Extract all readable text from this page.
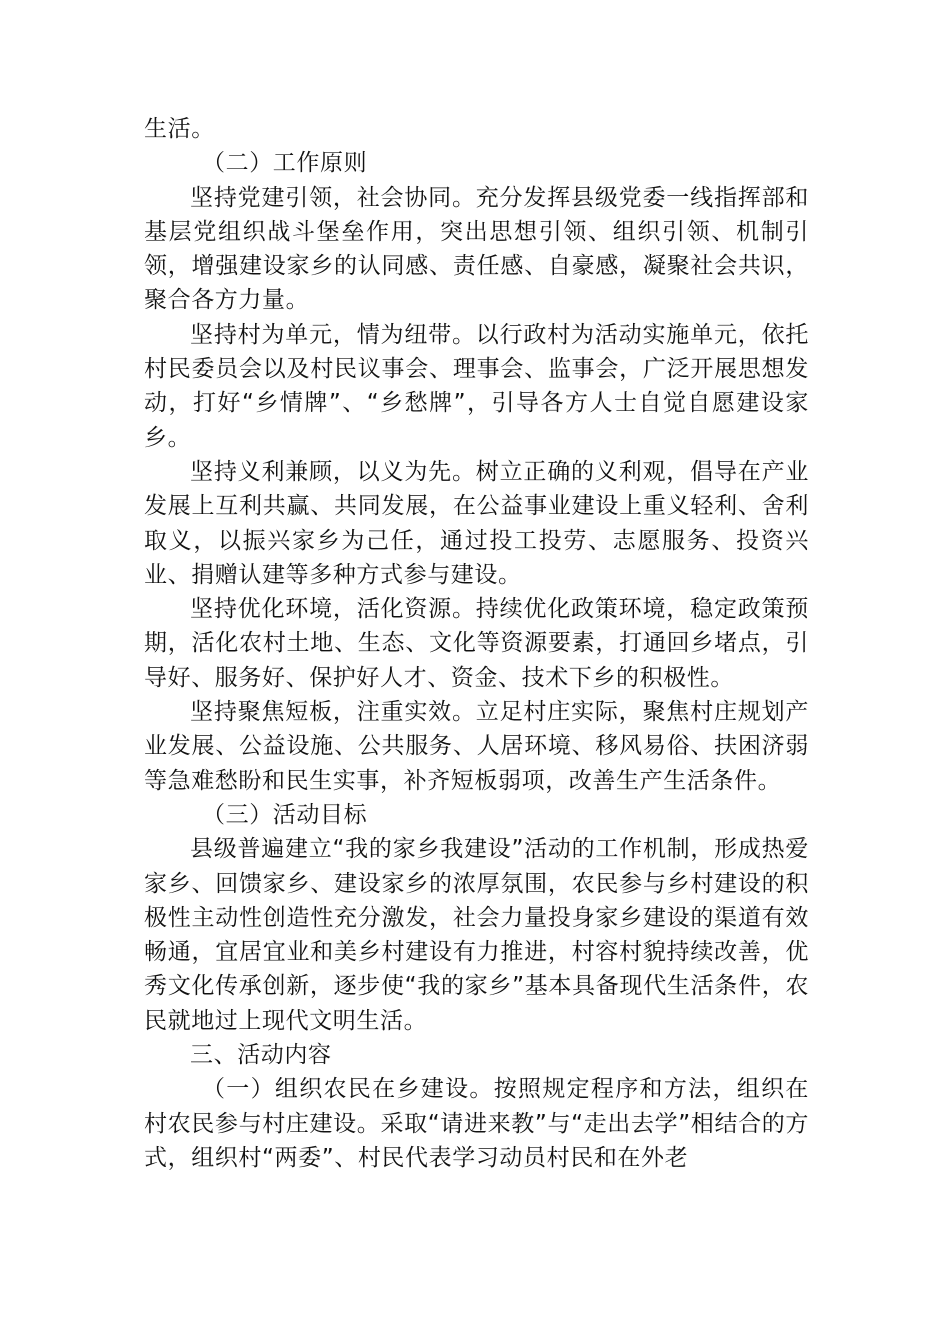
生活。

（二）工作原则

坚持党建引领，社会协同。充分发挥县级党委一线指挥部和基层党组织战斗堡垒作用，突出思想引领、组织引领、机制引领，增强建设家乡的认同感、责任感、自豪感，凝聚社会共识，聚合各方力量。

坚持村为单元，情为纽带。以行政村为活动实施单元，依托村民委员会以及村民议事会、理事会、监事会，广泛开展思想发动，打好“乡情牌”、“乡愁牌”，引导各方人士自觉自愿建设家乡。

坚持义利兼顾，以义为先。树立正确的义利观，倡导在产业发展上互利共赢、共同发展，在公益事业建设上重义轻利、舍利取义，以振兴家乡为己任，通过投工投劳、志愿服务、投资兴业、捐赠认建等多种方式参与建设。

坚持优化环境，活化资源。持续优化政策环境，稳定政策预期，活化农村土地、生态、文化等资源要素，打通回乡堵点，引导好、服务好、保护好人才、资金、技术下乡的积极性。

坚持聚焦短板，注重实效。立足村庄实际，聚焦村庄规划产业发展、公益设施、公共服务、人居环境、移风易俗、扶困济弱等急难愁盼和民生实事，补齐短板弱项，改善生产生活条件。

（三）活动目标

县级普遍建立“我的家乡我建设”活动的工作机制，形成热爱家乡、回馈家乡、建设家乡的浓厚氛围，农民参与乡村建设的积极性主动性创造性充分激发，社会力量投身家乡建设的渠道有效畅通，宜居宜业和美乡村建设有力推进，村容村貌持续改善，优秀文化传承创新，逐步使“我的家乡”基本具备现代生活条件，农民就地过上现代文明生活。

三、活动内容

（一）组织农民在乡建设。按照规定程序和方法，组织在村农民参与村庄建设。采取“请进来教”与“走出去学”相结合的方式，组织村“两委”、村民代表学习动员村民和在外老
